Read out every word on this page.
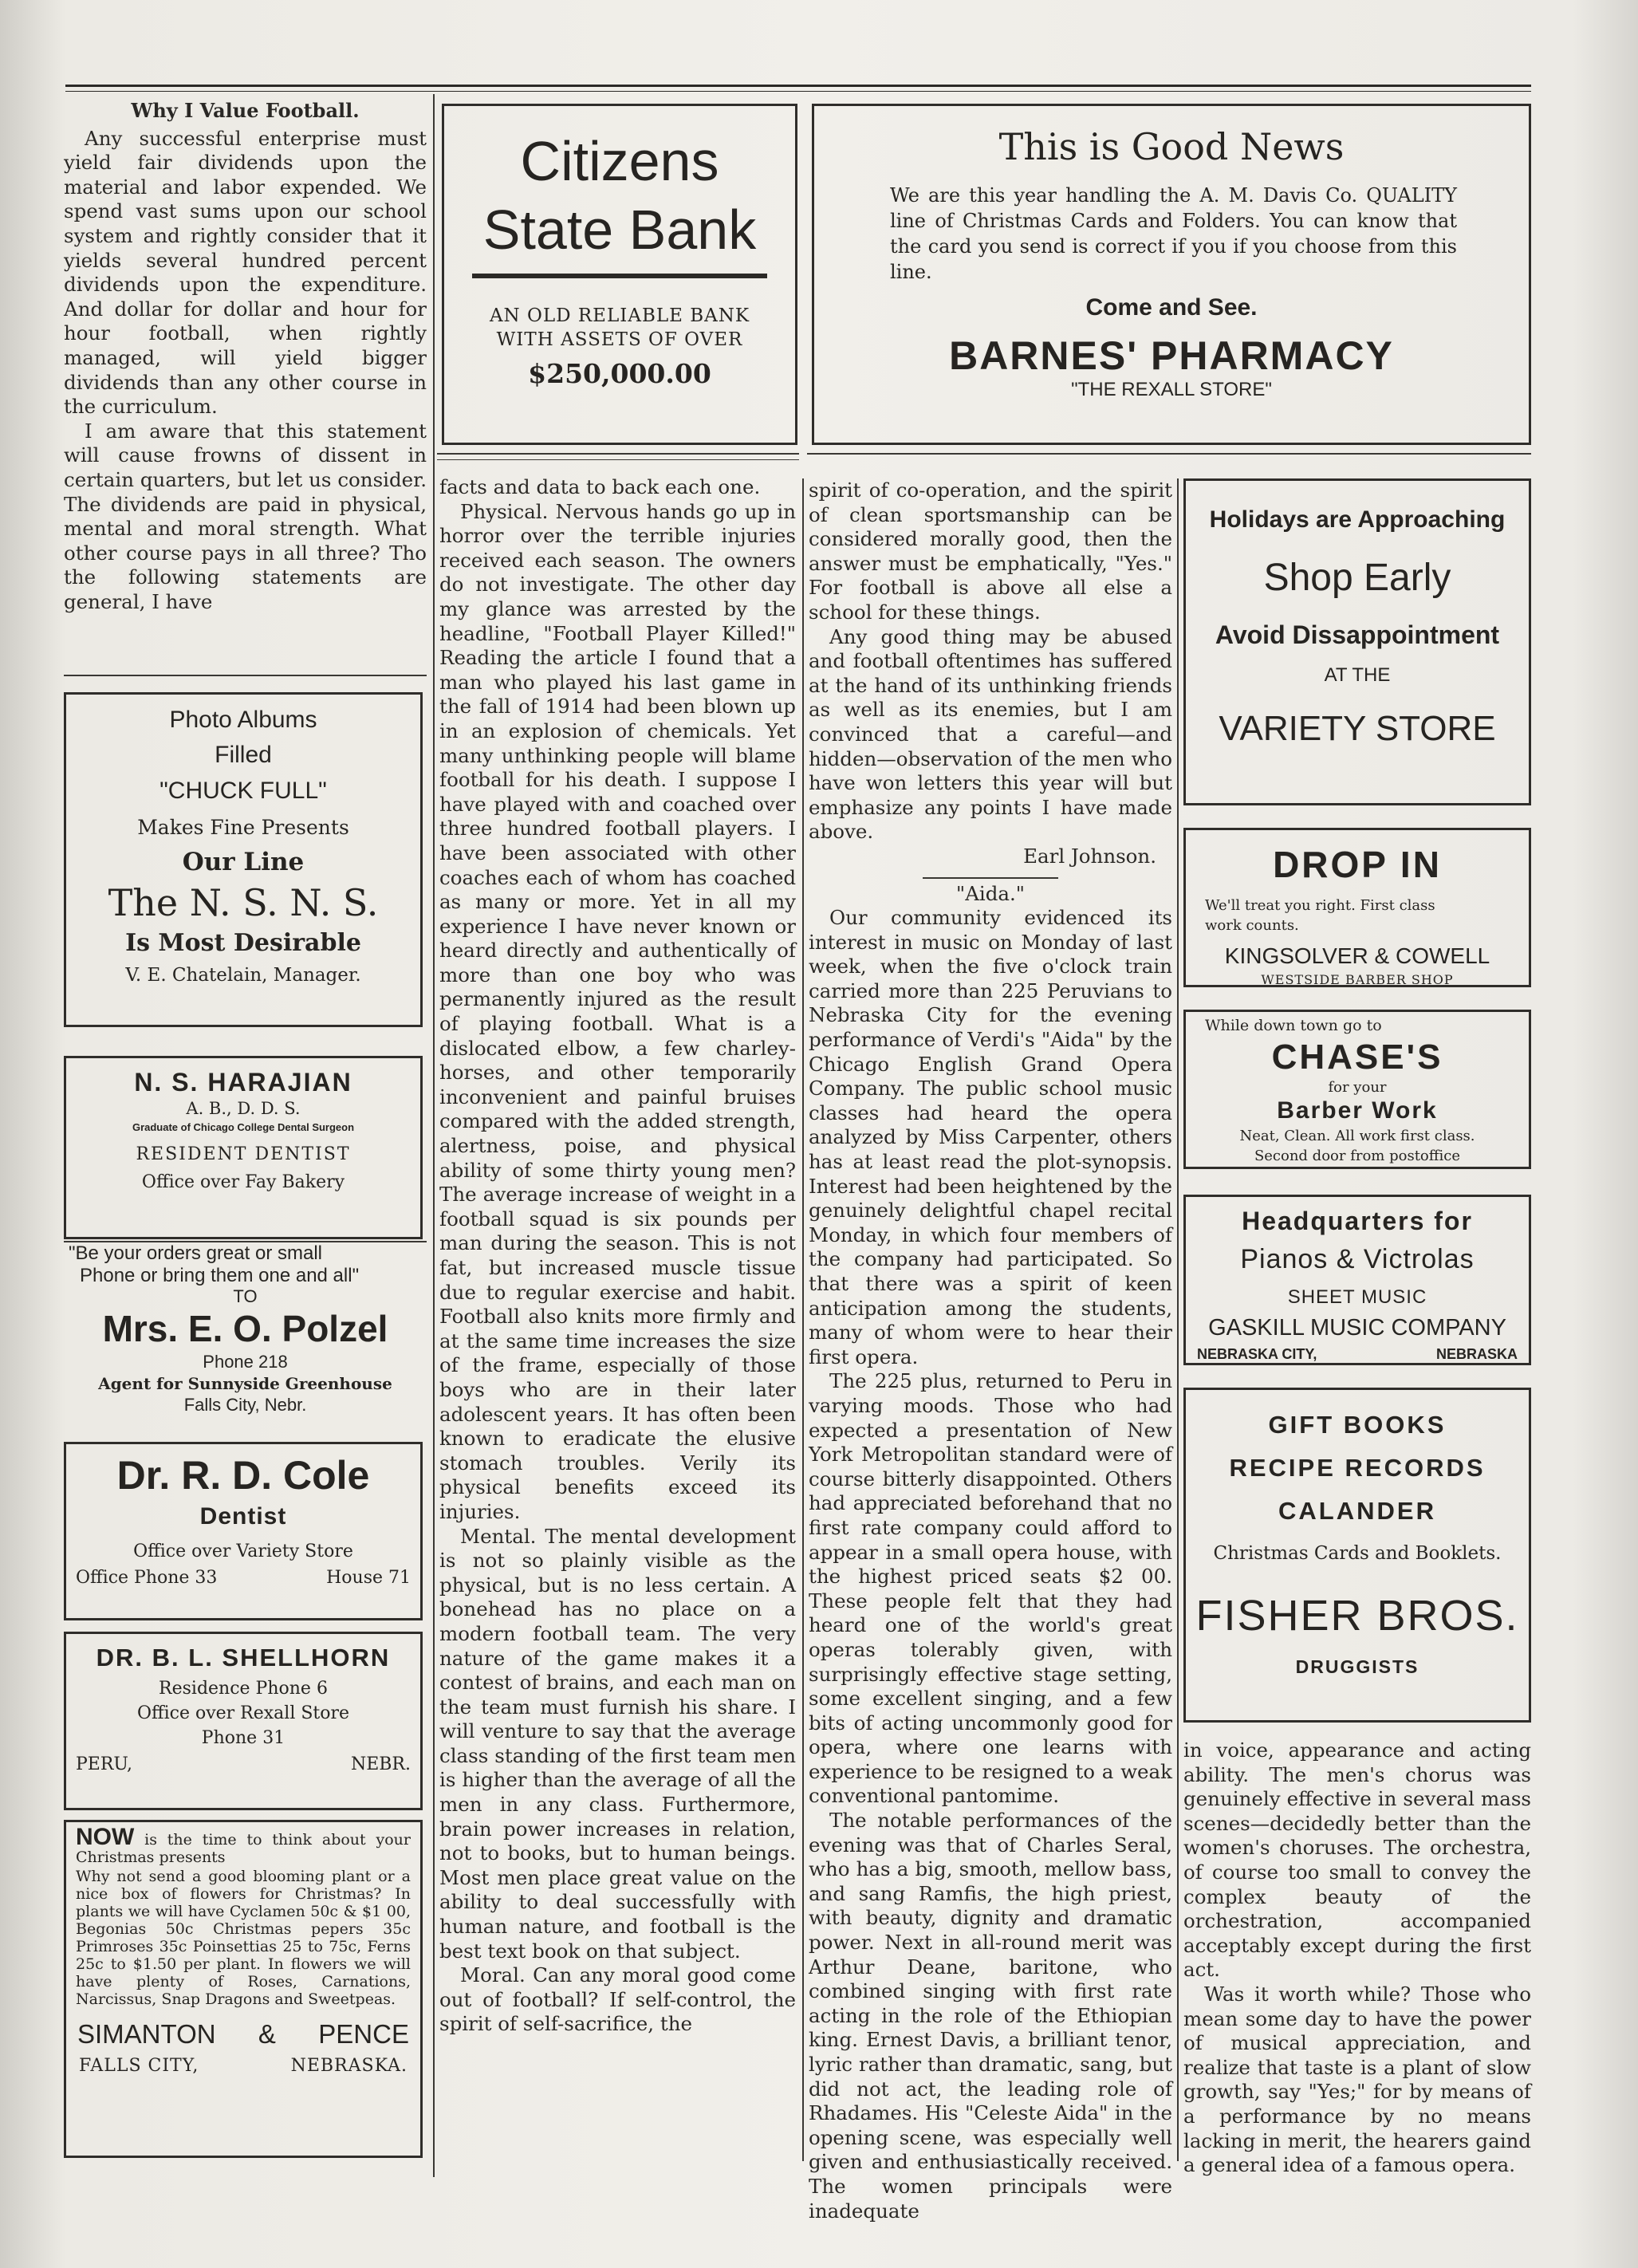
Why I Value Football.

Any successful enterprise must yield fair dividends upon the material and labor expended. We spend vast sums upon our school system and rightly consider that it yields several hundred percent dividends upon the expenditure. And dollar for dollar and hour for hour football, when rightly managed, will yield bigger dividends than any other course in the curriculum.

I am aware that this statement will cause frowns of dissent in certain quarters, but let us consider. The dividends are paid in physical, mental and moral strength. What other course pays in all three? Tho the following statements are general, I have

Photo Albums
Filled
"CHUCK FULL"
Makes Fine Presents
Our Line
The N. S. N. S.
Is Most Desirable
V. E. Chatelain, Manager.
N. S. HARAJIAN
A. B., D. D. S.
Graduate of Chicago College Dental Surgeon
RESIDENT DENTIST
Office over Fay Bakery
"Be your orders great or small
Phone or bring them one and all"
TO
Mrs. E. O. Polzel
Phone 218
Agent for Sunnyside Greenhouse
Falls City, Nebr.
Dr. R. D. Cole
Dentist
Office over Variety Store
Office Phone 33	House 71
DR. B. L. SHELLHORN
Residence Phone 6
Office over Rexall Store
Phone 31
PERU,	NEBR.
NOW is the time to think about your Christmas presents
Why not send a good blooming plant or a nice box of flowers for Christmas? In plants we will have Cyclamen 50c & $1 00, Begonias 50c Christmas pepers 35c Primroses 35c Poinsettias 25 to 75c, Ferns 25c to $1.50 per plant. In flowers we will have plenty of Roses, Carnations, Narcissus, Snap Dragons and Sweetpeas.
SIMANTON & PENCE
FALLS CITY,	NEBRASKA.
Citizens
State Bank
AN OLD RELIABLE BANK
WITH ASSETS OF OVER
$250,000.00

facts and data to back each one.

Physical. Nervous hands go up in horror over the terrible injuries received each season. The owners do not investigate. The other day my glance was arrested by the headline, "Football Player Killed!" Reading the article I found that a man who played his last game in the fall of 1914 had been blown up in an explosion of chemicals. Yet many unthinking people will blame football for his death. I suppose I have played with and coached over three hundred football players. I have been associated with other coaches each of whom has coached as many or more. Yet in all my experience I have never known or heard directly and authentically of more than one boy who was permanently injured as the result of playing football. What is a dislocated elbow, a few charley-horses, and other temporarily inconvenient and painful bruises compared with the added strength, alertness, poise, and physical ability of some thirty young men? The average increase of weight in a football squad is six pounds per man during the season. This is not fat, but increased muscle tissue due to regular exercise and habit. Football also knits more firmly and at the same time increases the size of the frame, especially of those boys who are in their later adolescent years. It has often been known to eradicate the elusive stomach troubles. Verily its physical benefits exceed its injuries.

Mental. The mental development is not so plainly visible as the physical, but is no less certain. A bonehead has no place on a modern football team. The very nature of the game makes it a contest of brains, and each man on the team must furnish his share. I will venture to say that the average class standing of the first team men is higher than the average of all the men in any class. Furthermore, brain power increases in relation, not to books, but to human beings. Most men place great value on the ability to deal successfully with human nature, and football is the best text book on that subject.

Moral. Can any moral good come out of football? If self-control, the spirit of self-sacrifice, the

This is Good News
We are this year handling the A. M. Davis Co. QUALITY line of Christmas Cards and Folders. You can know that the card you send is correct if you if you choose from this line.
Come and See.
BARNES' PHARMACY
"THE REXALL STORE"

spirit of co-operation, and the spirit of clean sportsmanship can be considered morally good, then the answer must be emphatically, "Yes." For football is above all else a school for these things.

Any good thing may be abused and football oftentimes has suffered at the hand of its unthinking friends as well as its enemies, but I am convinced that a careful—and hidden—observation of the men who have won letters this year will but emphasize any points I have made above.

Earl Johnson.

"Aida."

Our community evidenced its interest in music on Monday of last week, when the five o'clock train carried more than 225 Peruvians to Nebraska City for the evening performance of Verdi's "Aida" by the Chicago English Grand Opera Company. The public school music classes had heard the opera analyzed by Miss Carpenter, others has at least read the plot-synopsis. Interest had been heightened by the genuinely delightful chapel recital Monday, in which four members of the company had participated. So that there was a spirit of keen anticipation among the students, many of whom were to hear their first opera.

The 225 plus, returned to Peru in varying moods. Those who had expected a presentation of New York Metropolitan standard were of course bitterly disappointed. Others had appreciated beforehand that no first rate company could afford to appear in a small opera house, with the highest priced seats $2 00. These people felt that they had heard one of the world's great operas tolerably given, with surprisingly effective stage setting, some excellent singing, and a few bits of acting uncommonly good for opera, where one learns with experience to be resigned to a weak conventional pantomime.

The notable performances of the evening was that of Charles Seral, who has a big, smooth, mellow bass, and sang Ramfis, the high priest, with beauty, dignity and dramatic power. Next in all-round merit was Arthur Deane, baritone, who combined singing with first rate acting in the role of the Ethiopian king. Ernest Davis, a brilliant tenor, lyric rather than dramatic, sang, but did not act, the leading role of Rhadames. His "Celeste Aida" in the opening scene, was especially well given and enthusiastically received. The women principals were inadequate

Holidays are Approaching
Shop Early
Avoid Dissappointment
AT THE
VARIETY STORE
DROP IN
We'll treat you right. First class
work counts.
KINGSOLVER & COWELL
WESTSIDE BARBER SHOP
While down town go to
CHASE'S
for your
Barber Work
Neat, Clean. All work first class.
Second door from postoffice
Headquarters for
Pianos & Victrolas
SHEET MUSIC
GASKILL MUSIC COMPANY
NEBRASKA CITY,	NEBRASKA
GIFT BOOKS
RECIPE RECORDS
CALANDER
Christmas Cards and Booklets.
FISHER BROS.
DRUGGISTS

in voice, appearance and acting ability. The men's chorus was genuinely effective in several mass scenes—decidedly better than the women's choruses. The orchestra, of course too small to convey the complex beauty of the orchestration, accompanied acceptably except during the first act.

Was it worth while? Those who mean some day to have the power of musical appreciation, and realize that taste is a plant of slow growth, say "Yes;" for by means of a performance by no means lacking in merit, the hearers gaind a general idea of a famous opera.
